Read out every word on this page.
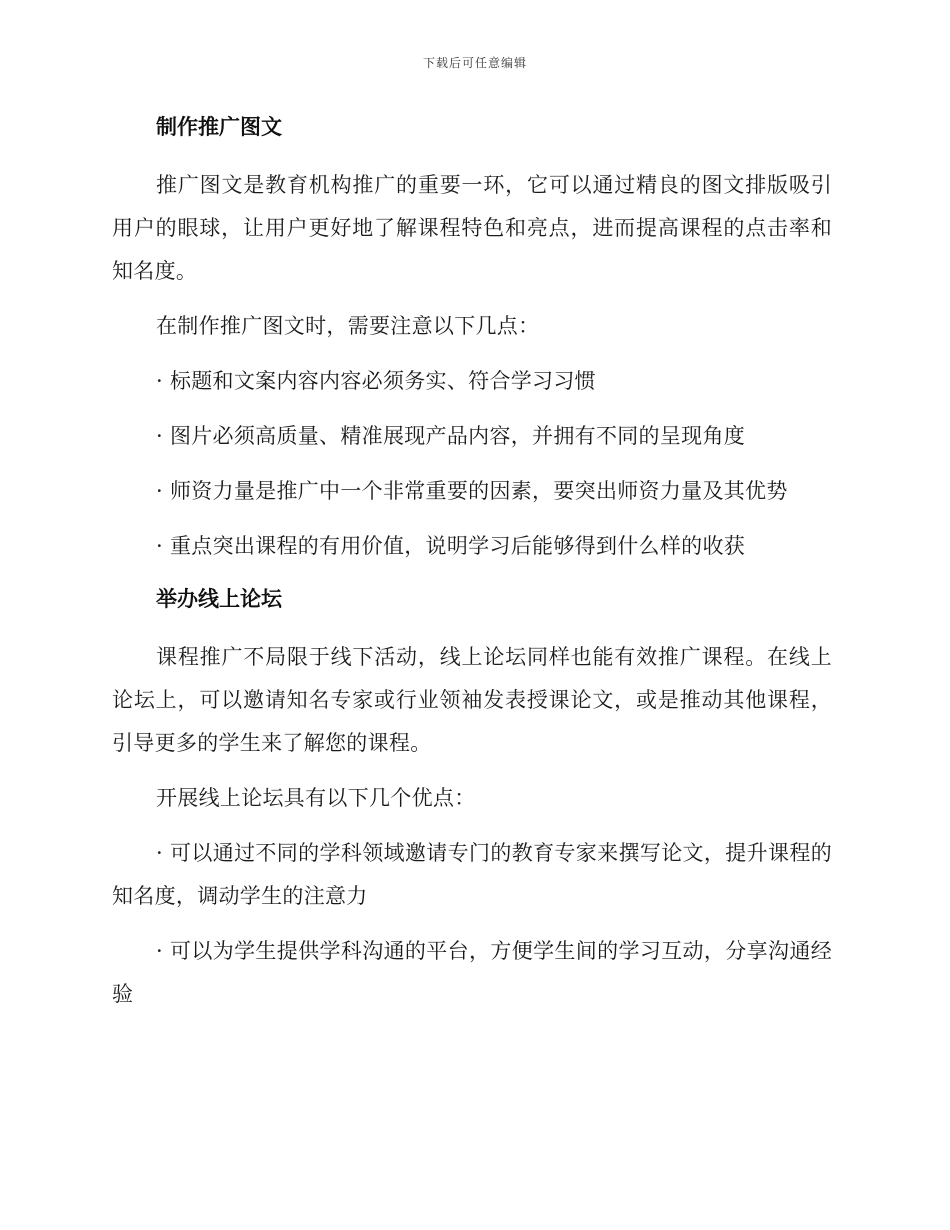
下载后可任意编辑
制作推广图文

推广图文是教育机构推广的重要一环，它可以通过精良的图文排版吸引用户的眼球，让用户更好地了解课程特色和亮点，进而提高课程的点击率和知名度。

在制作推广图文时，需要注意以下几点：

· 标题和文案内容内容必须务实、符合学习习惯

· 图片必须高质量、精准展现产品内容，并拥有不同的呈现角度

· 师资力量是推广中一个非常重要的因素，要突出师资力量及其优势

· 重点突出课程的有用价值，说明学习后能够得到什么样的收获

举办线上论坛

课程推广不局限于线下活动，线上论坛同样也能有效推广课程。在线上论坛上，可以邀请知名专家或行业领袖发表授课论文，或是推动其他课程，引导更多的学生来了解您的课程。

开展线上论坛具有以下几个优点：

· 可以通过不同的学科领域邀请专门的教育专家来撰写论文，提升课程的知名度，调动学生的注意力

· 可以为学生提供学科沟通的平台，方便学生间的学习互动，分享沟通经验
